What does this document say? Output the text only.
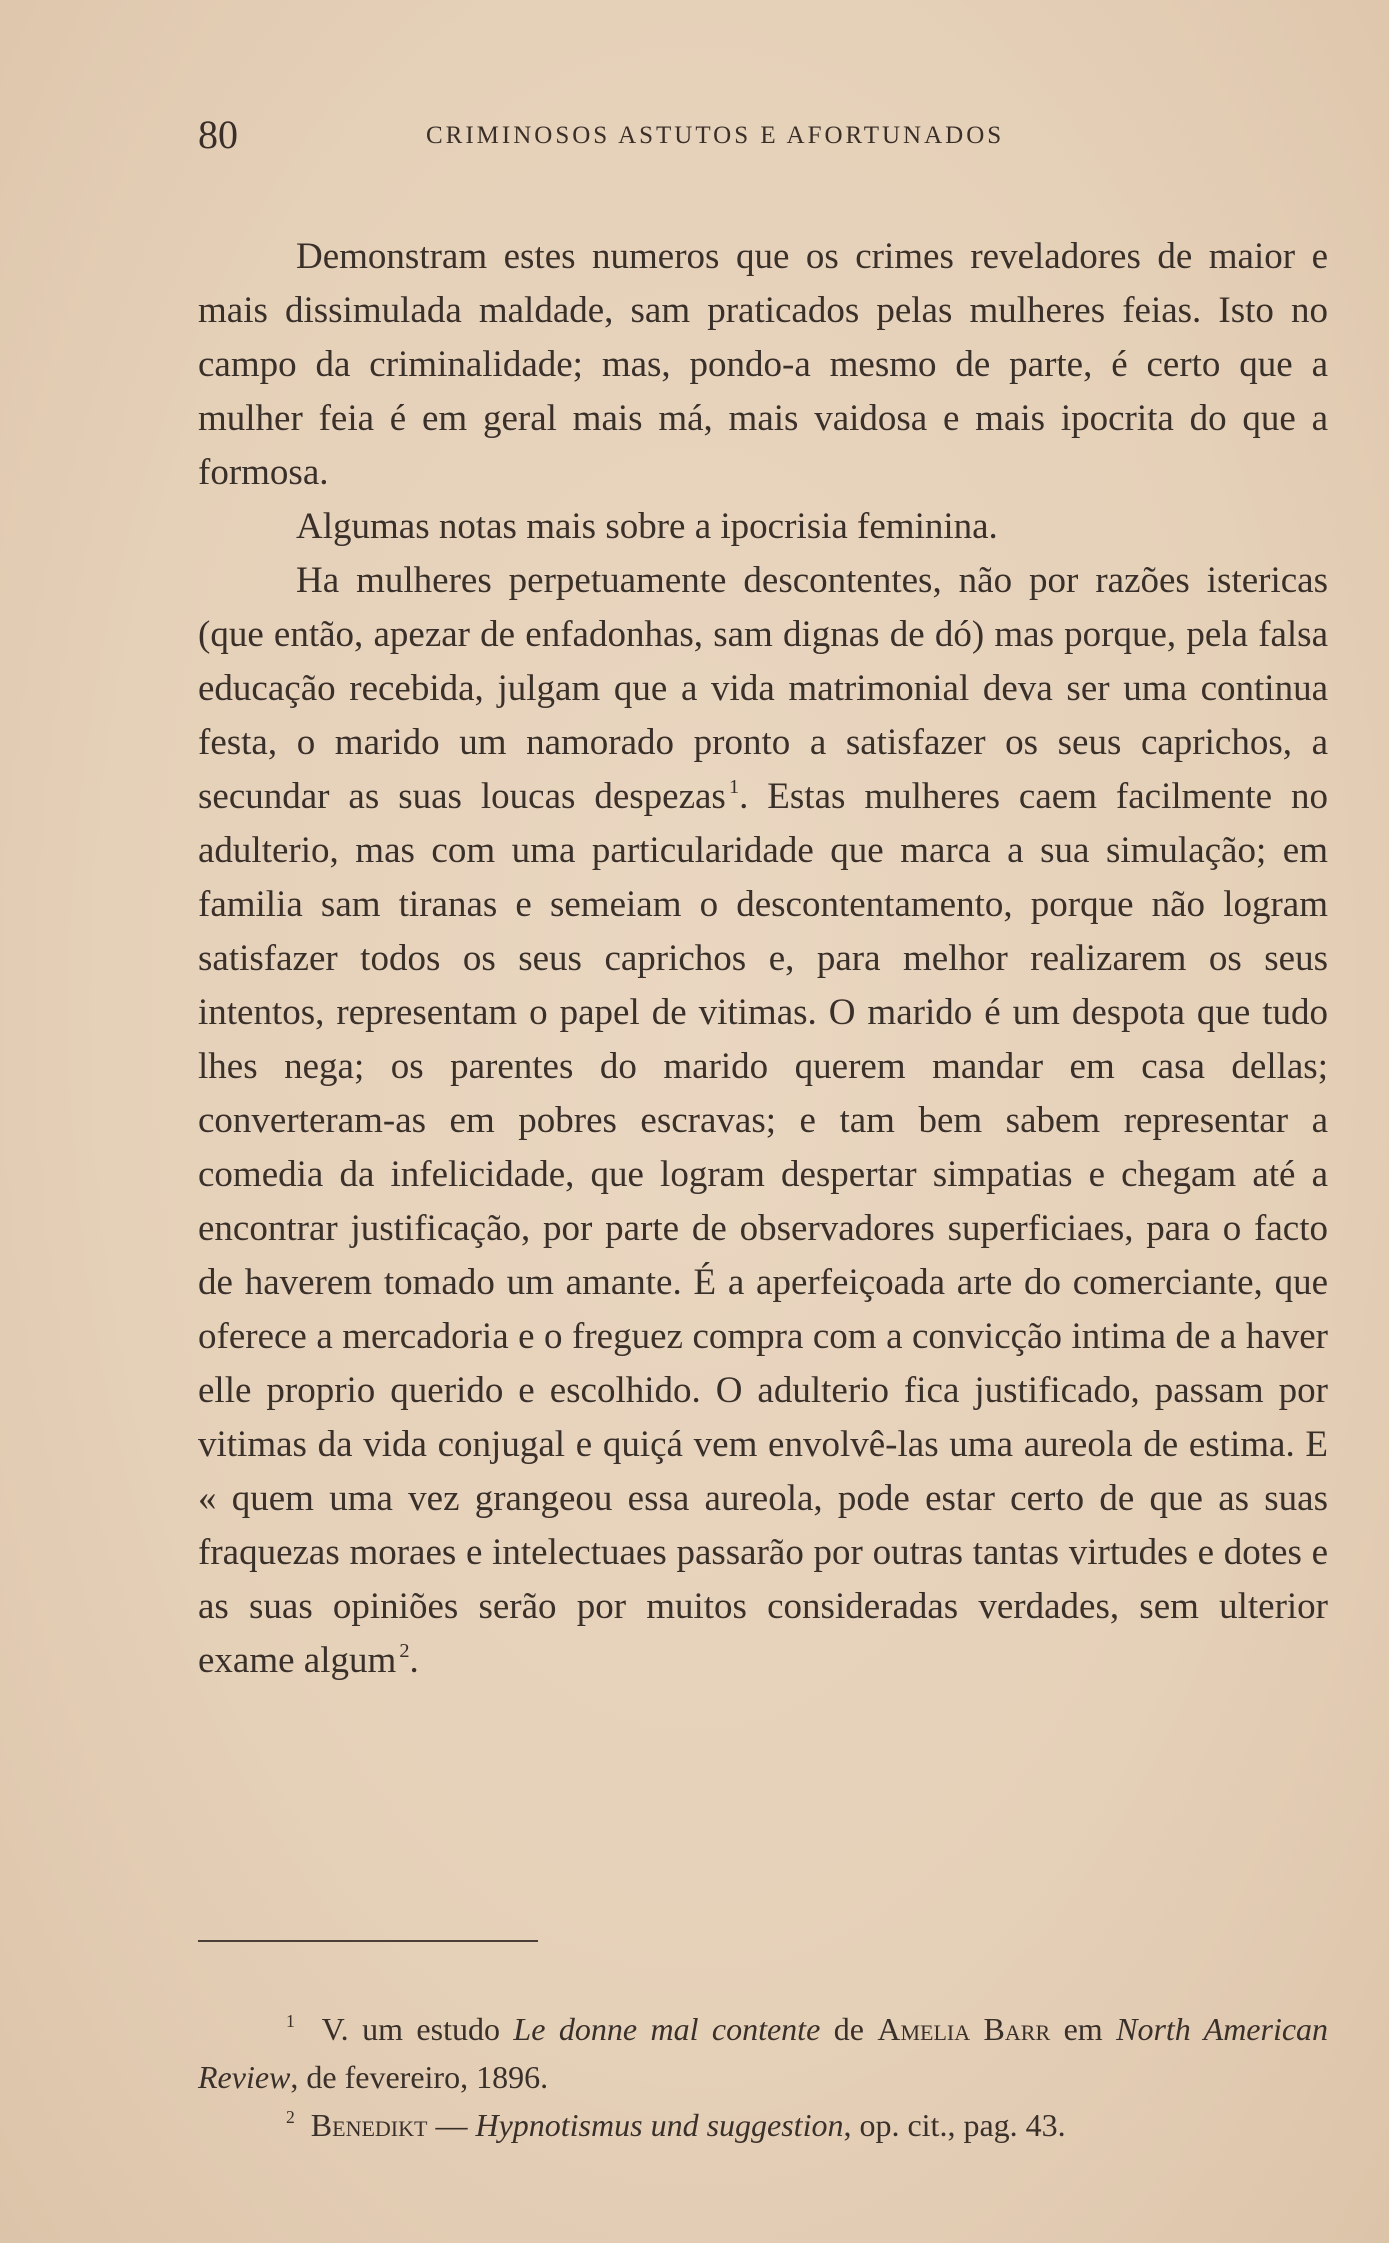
80	CRIMINOSOS ASTUTOS E AFORTUNADOS

Demonstram estes numeros que os crimes reveladores de maior e mais dissimulada maldade, sam praticados pelas mulheres feias. Isto no campo da criminalidade; mas, pondo-a mesmo de parte, é certo que a mulher feia é em geral mais má, mais vaidosa e mais ipocrita do que a formosa.

Algumas notas mais sobre a ipocrisia feminina.

Ha mulheres perpetuamente descontentes, não por razões istericas (que então, apezar de enfadonhas, sam dignas de dó) mas porque, pela falsa educação recebida, julgam que a vida matrimonial deva ser uma continua festa, o marido um namorado pronto a satisfazer os seus caprichos, a secundar as suas loucas despezas  $^1$. Estas mulheres caem facilmente no adulterio, mas com uma particularidade que marca a sua simulação; em familia sam tiranas e semeiam o descontentamento, porque não logram satisfazer todos os seus caprichos e, para melhor realizarem os seus intentos, representam o papel de vitimas. O marido é um despota que tudo lhes nega; os parentes do marido querem mandar em casa dellas; converteram-as em pobres escravas; e tam bem sabem representar a comedia da infelicidade, que logram despertar simpatias e chegam até a encontrar justificação, por parte de observadores superficiaes, para o facto de haverem tomado um amante. É a aperfeiçoada arte do comerciante, que oferece a mercadoria e o freguez compra com a convicção intima de a haver elle proprio querido e escolhido. O adulterio fica justificado, passam por vitimas da vida conjugal e quiçá vem envolvê-las uma aureola de estima. E « quem uma vez grangeou essa aureola, pode estar certo de que as suas fraquezas moraes e intelectuaes passarão por outras tantas virtudes e dotes e as suas opiniões serão por muitos consideradas verdades, sem ulterior exame algum  $^2$.

$^1$ V. um estudo Le donne mal contente de Amelia Barr em North American Review, de fevereiro, 1896.

$^2$ Benedikt — Hypnotismus und suggestion, op. cit., pag. 43.
